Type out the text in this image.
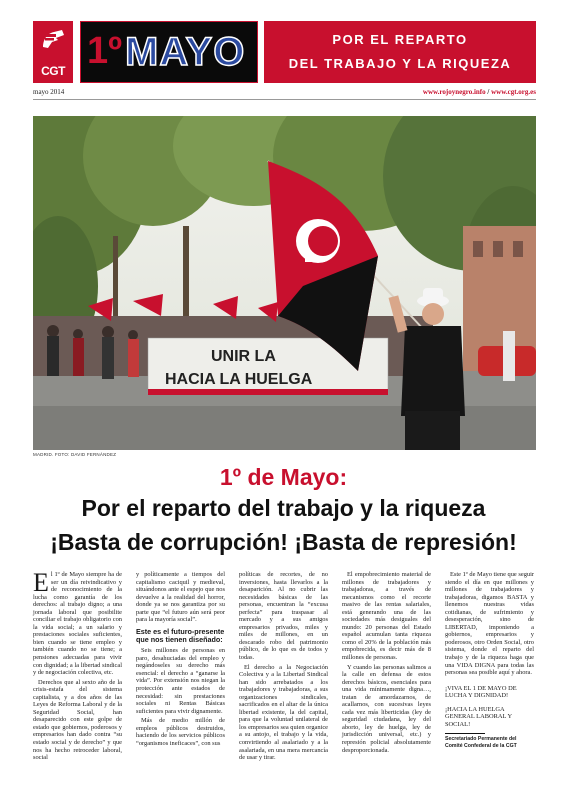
CGT 1º MAYO	POR EL REPARTO
DEL TRABAJO Y LA RIQUEZA
mayo 2014	www.rojoynegro.info / www.cgt.org.es
UNIR LA
HACIA LA HUELGA
MADRID. FOTO: DAVID FERNÁNDEZ
1º de Mayo:
Por el reparto del trabajo y la riqueza
¡Basta de corrupción! ¡Basta de represión!

El 1º de Mayo siempre ha de ser un día reivindicativo y de reconocimiento de la lucha como garantía de los derechos: al trabajo digno; a una jornada laboral que posibilite conciliar el trabajo obligatorio con la vida social; a un salario y prestaciones sociales suficientes, bien cuando se tiene empleo y también cuando no se tiene; a pensiones adecuadas para vivir con dignidad; a la libertad sindical y de negociación colectiva, etc.

Derechos que al sexto año de la crisis-estafa del sistema capitalista, y a dos años de las Leyes de Reforma Laboral y de la Seguridad Social, han desaparecido con este golpe de estado que gobiernos, poderosos y empresarios han dado contra “su estado social y de derecho” y que nos ha hecho retroceder laboral, social

y políticamente a tiempos del capitalismo caciquil y medieval, situándonos ante el espejo que nos devuelve a la realidad del horror, donde ya se nos garantiza por su parte que “el futuro aún será peor para la mayoría social”.

Este es el futuro-presente que nos tienen diseñado:

Seis millones de personas en paro, desahuciadas del empleo y negándoseles su derecho más esencial: el derecho a “ganarse la vida”. Por extensión nos niegan la protección ante estados de necesidad: sin prestaciones sociales ni Rentas Básicas suficientes para vivir dignamente.

Más de medio millón de empleos públicos destruidos, haciendo de los servicios públicos “organismos ineficaces”, con sus

políticas de recortes, de no inversiones, hasta llevarlos a la desaparición. Al no cubrir las necesidades básicas de las personas, encuentran la “excusa perfecta” para traspasar al mercado y a sus amigos empresarios privados, miles y miles de millones, en un descarado robo del patrimonio público, de lo que es de todos y todas.

El derecho a la Negociación Colectiva y a la Libertad Sindical han sido arrebatados a los trabajadores y trabajadoras, a sus organizaciones sindicales, sacrificados en el altar de la única libertad existente, la del capital, para que la voluntad unilateral de los empresarios sea quien organice a su antojo, el trabajo y la vida, convirtiendo al asalariado y a la asalariada, en una mera mercancía de usar y tirar.

El empobrecimiento material de millones de trabajadores y trabajadoras, a través de mecanismos como el recorte masivo de las rentas salariales, está generando una de las sociedades más desiguales del mundo: 20 personas del Estado español acumulan tanta riqueza como el 20% de la población más empobrecida, es decir más de 8 millones de personas.

Y cuando las personas salimos a la calle en defensa de estos derechos básicos, esenciales para una vida mínimamente digna…, tratan de amordazarnos, de acallarnos, con sucesivas leyes cada vez más liberticidas (ley de seguridad ciudadana, ley del aborto, ley de huelga, ley de jurisdicción universal, etc.) y represión policial absolutamente desproporcionada.

Este 1º de Mayo tiene que seguir siendo el día en que millones y millones de trabajadores y trabajadoras, digamos BASTA y llenemos nuestras vidas cotidianas, de sufrimiento y desesperación, sino de LIBERTAD, imponiendo a gobiernos, empresarios y poderosos, otro Orden Social, otro sistema, donde el reparto del trabajo y de la riqueza haga que una VIDA DIGNA para todas las personas sea posible aquí y ahora.

¡VIVA EL 1 DE MAYO DE LUCHA Y DIGNIDAD!

¡HACIA LA HUELGA GENERAL LABORAL Y SOCIAL!

Secretariado Permanente del Comité Confederal de la CGT
